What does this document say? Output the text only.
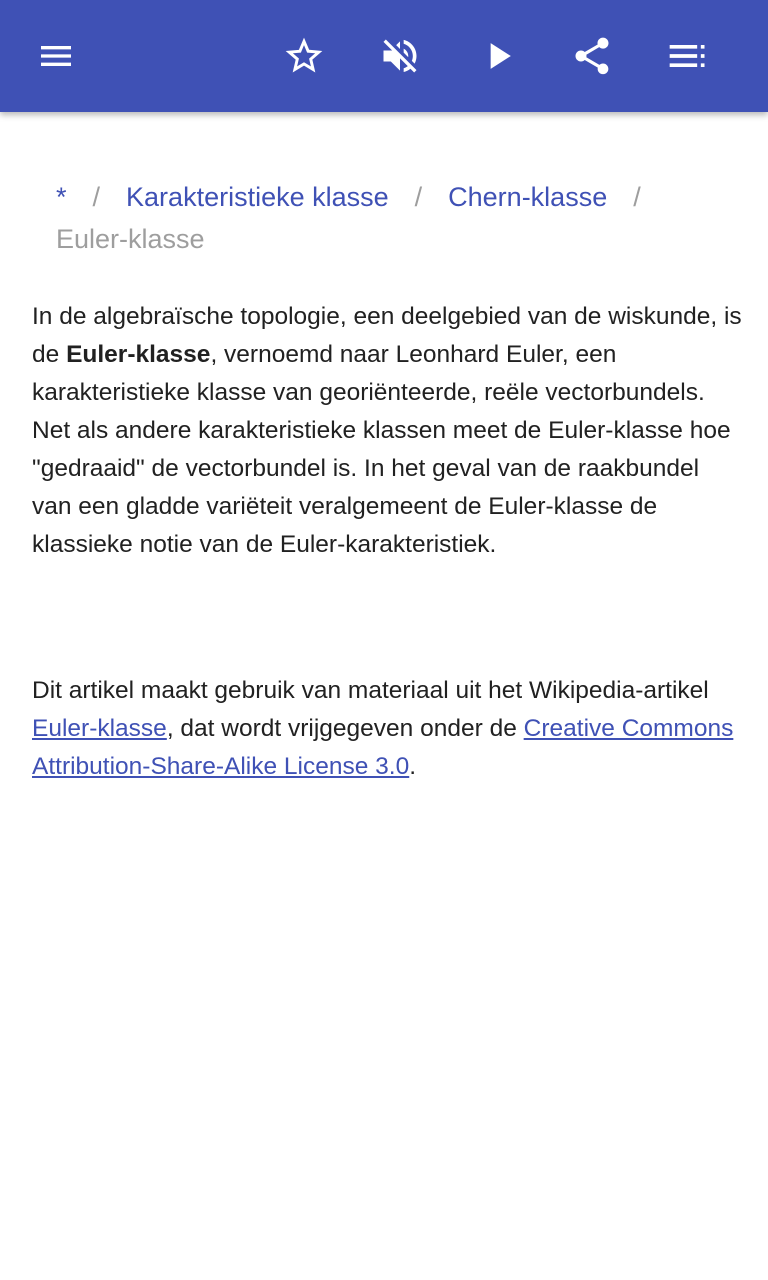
* / Karakteristieke klasse / Chern-klasse /
Euler-klasse

In de algebraïsche topologie, een deelgebied van de wiskunde, is de Euler-klasse, vernoemd naar Leonhard Euler, een karakteristieke klasse van georiënteerde, reële vectorbundels. Net als andere karakteristieke klassen meet de Euler-klasse hoe "gedraaid" de vectorbundel is. In het geval van de raakbundel van een gladde variëteit veralgemeent de Euler-klasse de klassieke notie van de Euler-karakteristiek.

Dit artikel maakt gebruik van materiaal uit het Wikipedia-artikel Euler-klasse, dat wordt vrijgegeven onder de Creative Commons Attribution-Share-Alike License 3.0.
